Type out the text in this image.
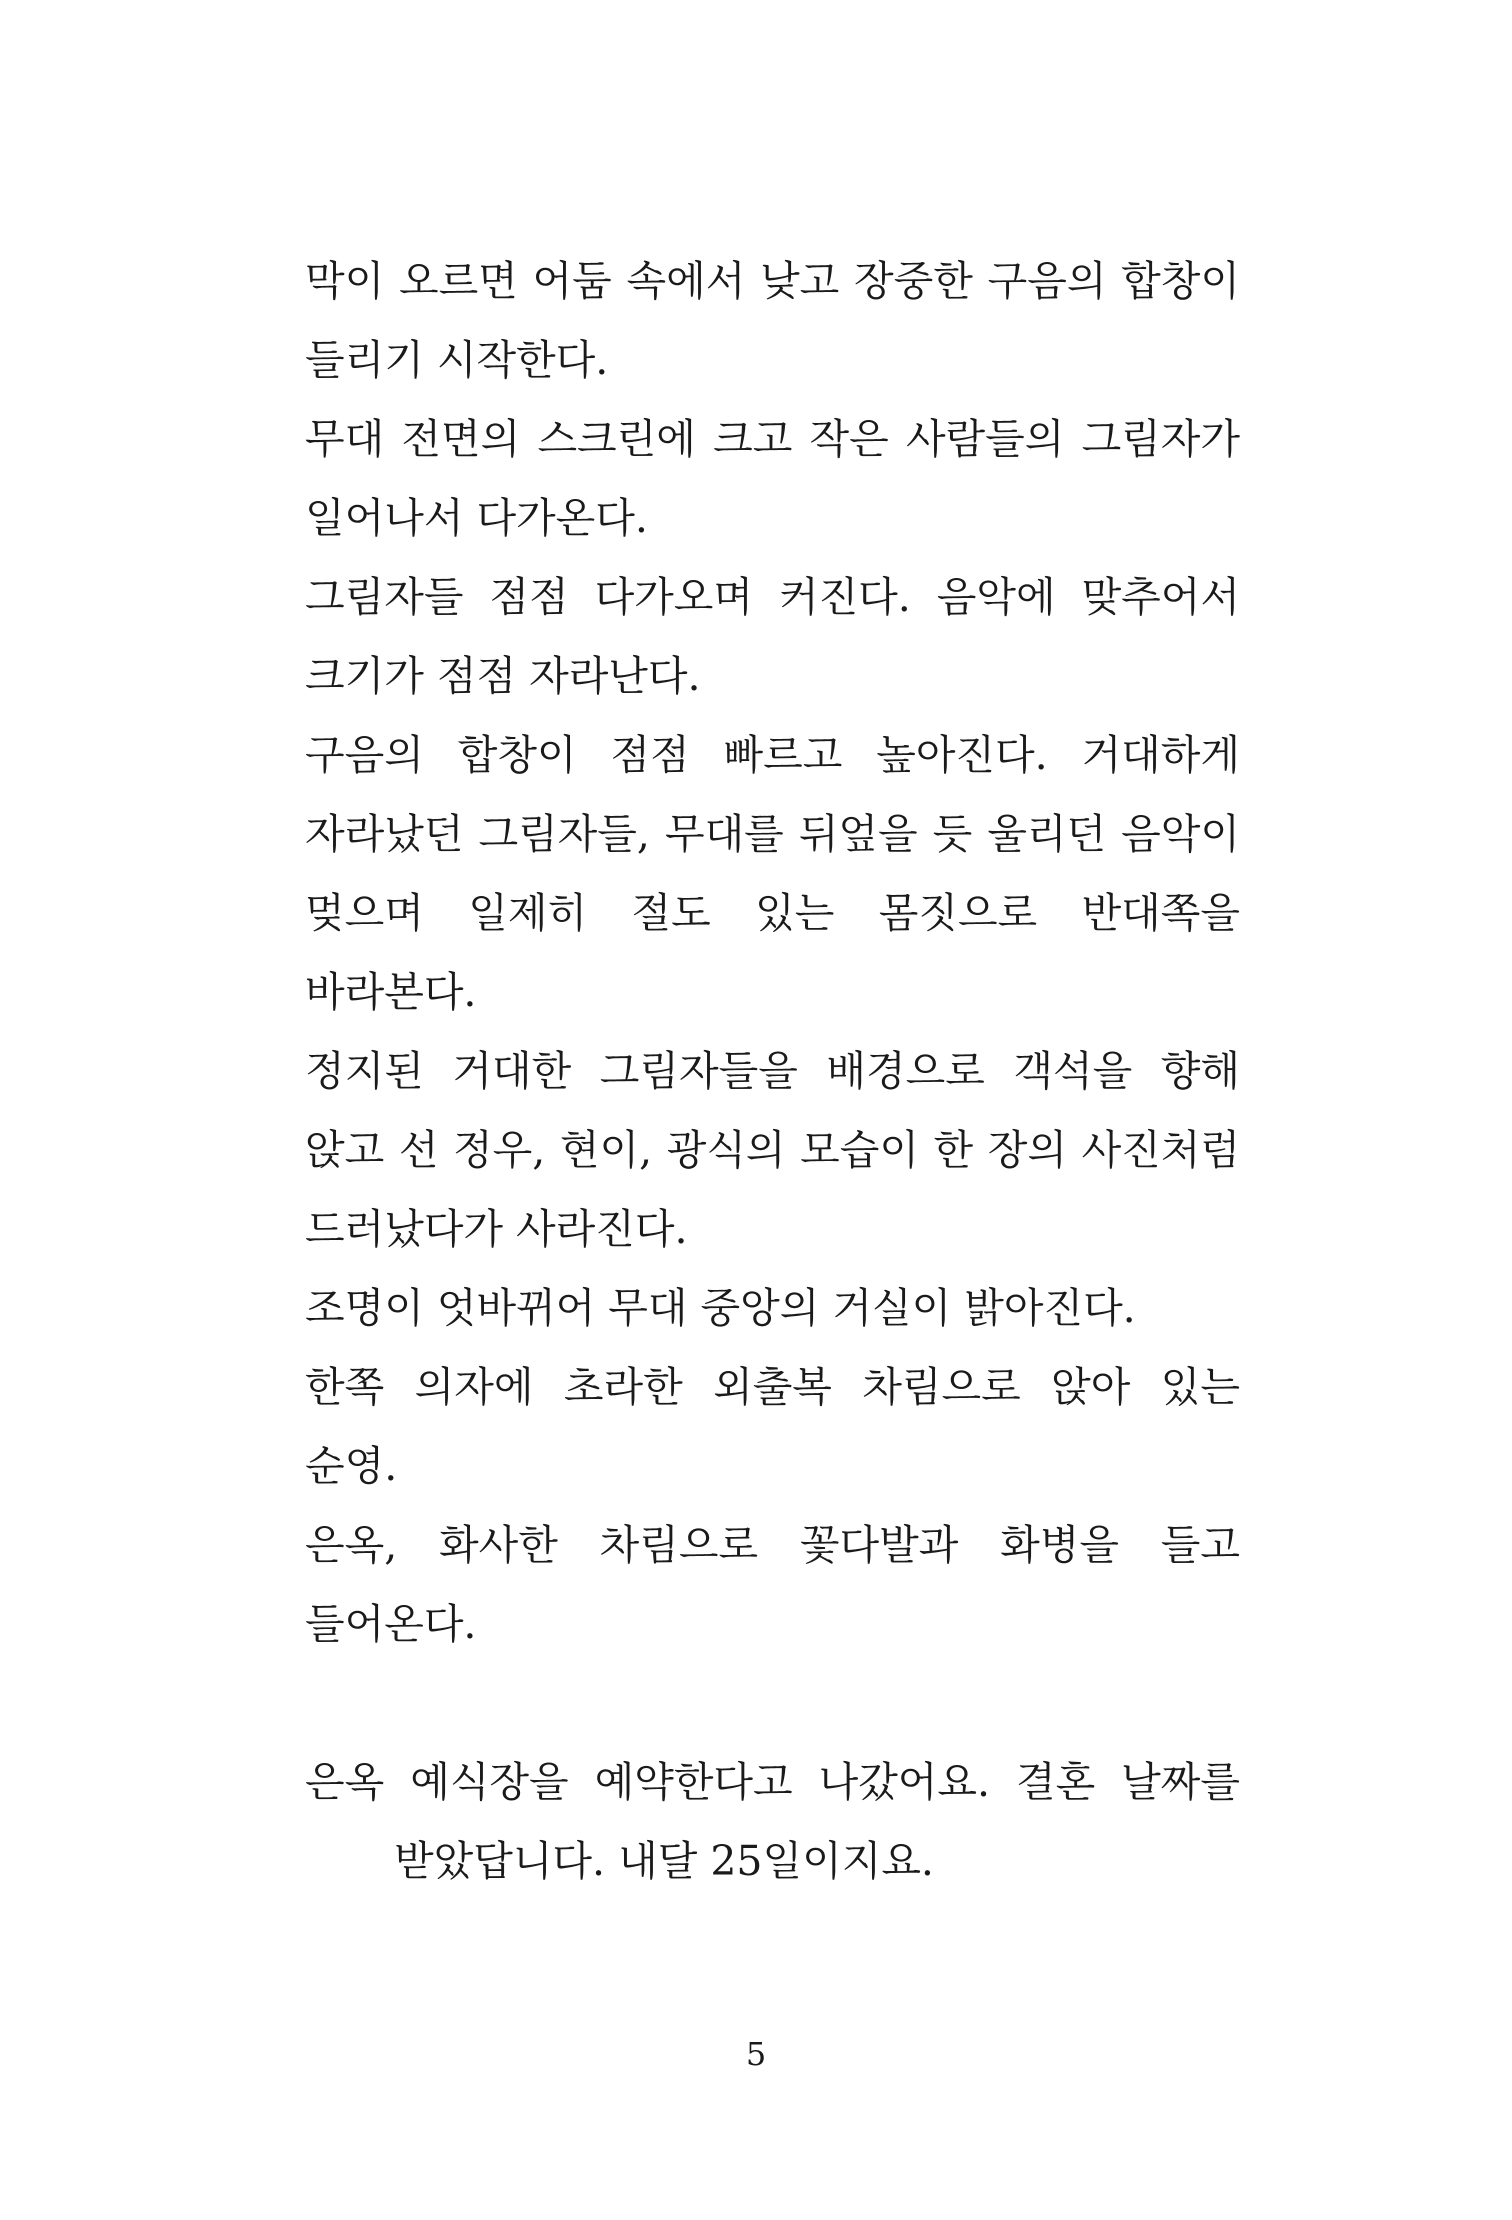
막이 오르면 어둠 속에서 낮고 장중한 구음의 합창이 들리기 시작한다.

무대 전면의 스크린에 크고 작은 사람들의 그림자가 일어나서 다가온다.

그림자들 점점 다가오며 커진다. 음악에 맞추어서 크기가 점점 자라난다.

구음의 합창이 점점 빠르고 높아진다. 거대하게 자라났던 그림자들, 무대를 뒤엎을 듯 울리던 음악이 멎으며 일제히 절도 있는 몸짓으로 반대쪽을 바라본다.

정지된 거대한 그림자들을 배경으로 객석을 향해 앉고 선 정우, 현이, 광식의 모습이 한 장의 사진처럼 드러났다가 사라진다.

조명이 엇바뀌어 무대 중앙의 거실이 밝아진다.

한쪽 의자에 초라한 외출복 차림으로 앉아 있는 순영.

은옥, 화사한 차림으로 꽃다발과 화병을 들고 들어온다.

은옥 예식장을 예약한다고 나갔어요. 결혼 날짜를 받았답니다. 내달 25일이지요.

5
